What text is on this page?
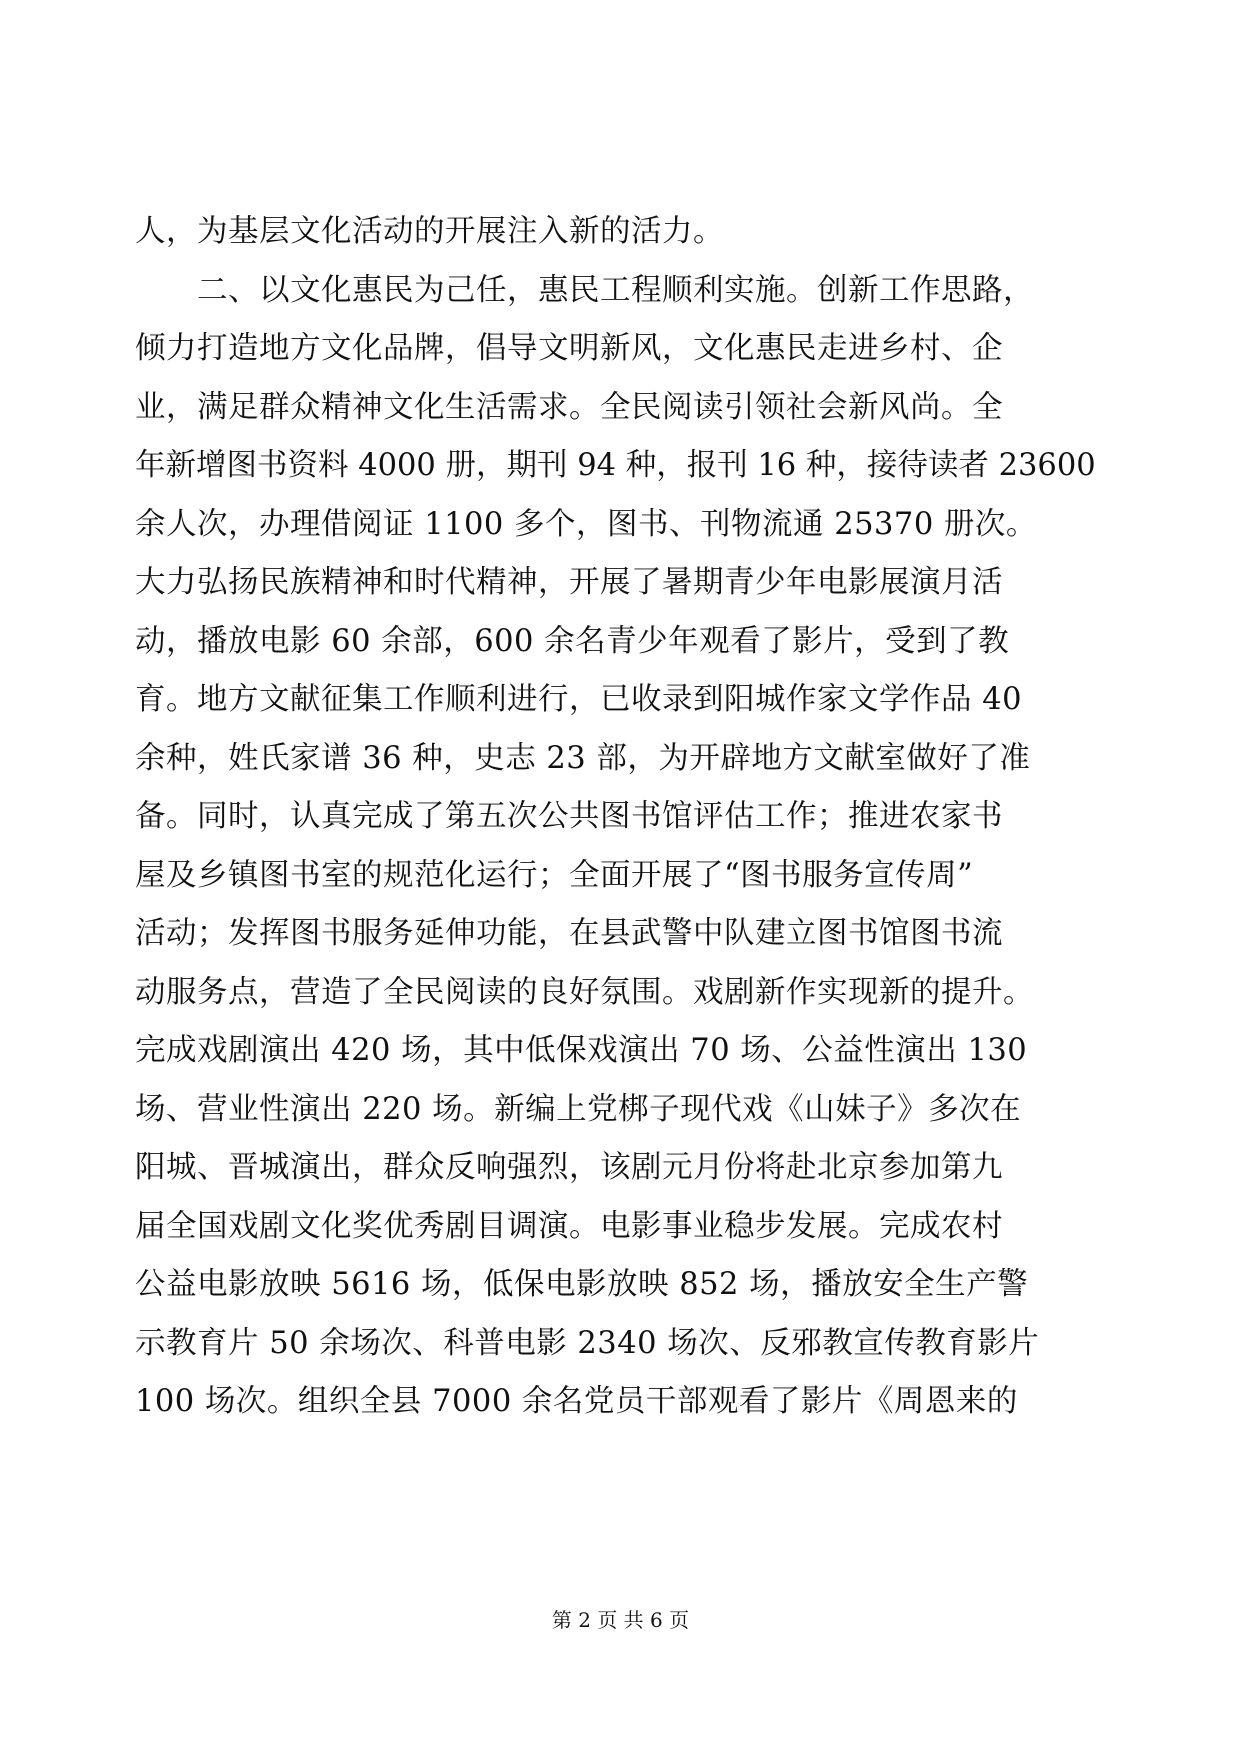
人，为基层文化活动的开展注入新的活力。
　　二、以文化惠民为己任，惠民工程顺利实施。创新工作思路，
倾力打造地方文化品牌，倡导文明新风，文化惠民走进乡村、企
业，满足群众精神文化生活需求。全民阅读引领社会新风尚。全
年新增图书资料 4000 册，期刊 94 种，报刊 16 种，接待读者 23600
余人次，办理借阅证 1100 多个，图书、刊物流通 25370 册次。
大力弘扬民族精神和时代精神，开展了暑期青少年电影展演月活
动，播放电影 60 余部，600 余名青少年观看了影片，受到了教
育。地方文献征集工作顺利进行，已收录到阳城作家文学作品 40
余种，姓氏家谱 36 种，史志 23 部，为开辟地方文献室做好了准
备。同时，认真完成了第五次公共图书馆评估工作；推进农家书
屋及乡镇图书室的规范化运行；全面开展了“图书服务宣传周”
活动；发挥图书服务延伸功能，在县武警中队建立图书馆图书流
动服务点，营造了全民阅读的良好氛围。戏剧新作实现新的提升。
完成戏剧演出 420 场，其中低保戏演出 70 场、公益性演出 130
场、营业性演出 220 场。新编上党梆子现代戏《山妹子》多次在
阳城、晋城演出，群众反响强烈，该剧元月份将赴北京参加第九
届全国戏剧文化奖优秀剧目调演。电影事业稳步发展。完成农村
公益电影放映 5616 场，低保电影放映 852 场，播放安全生产警
示教育片 50 余场次、科普电影 2340 场次、反邪教宣传教育影片
100 场次。组织全县 7000 余名党员干部观看了影片《周恩来的
第 2 页 共 6 页
